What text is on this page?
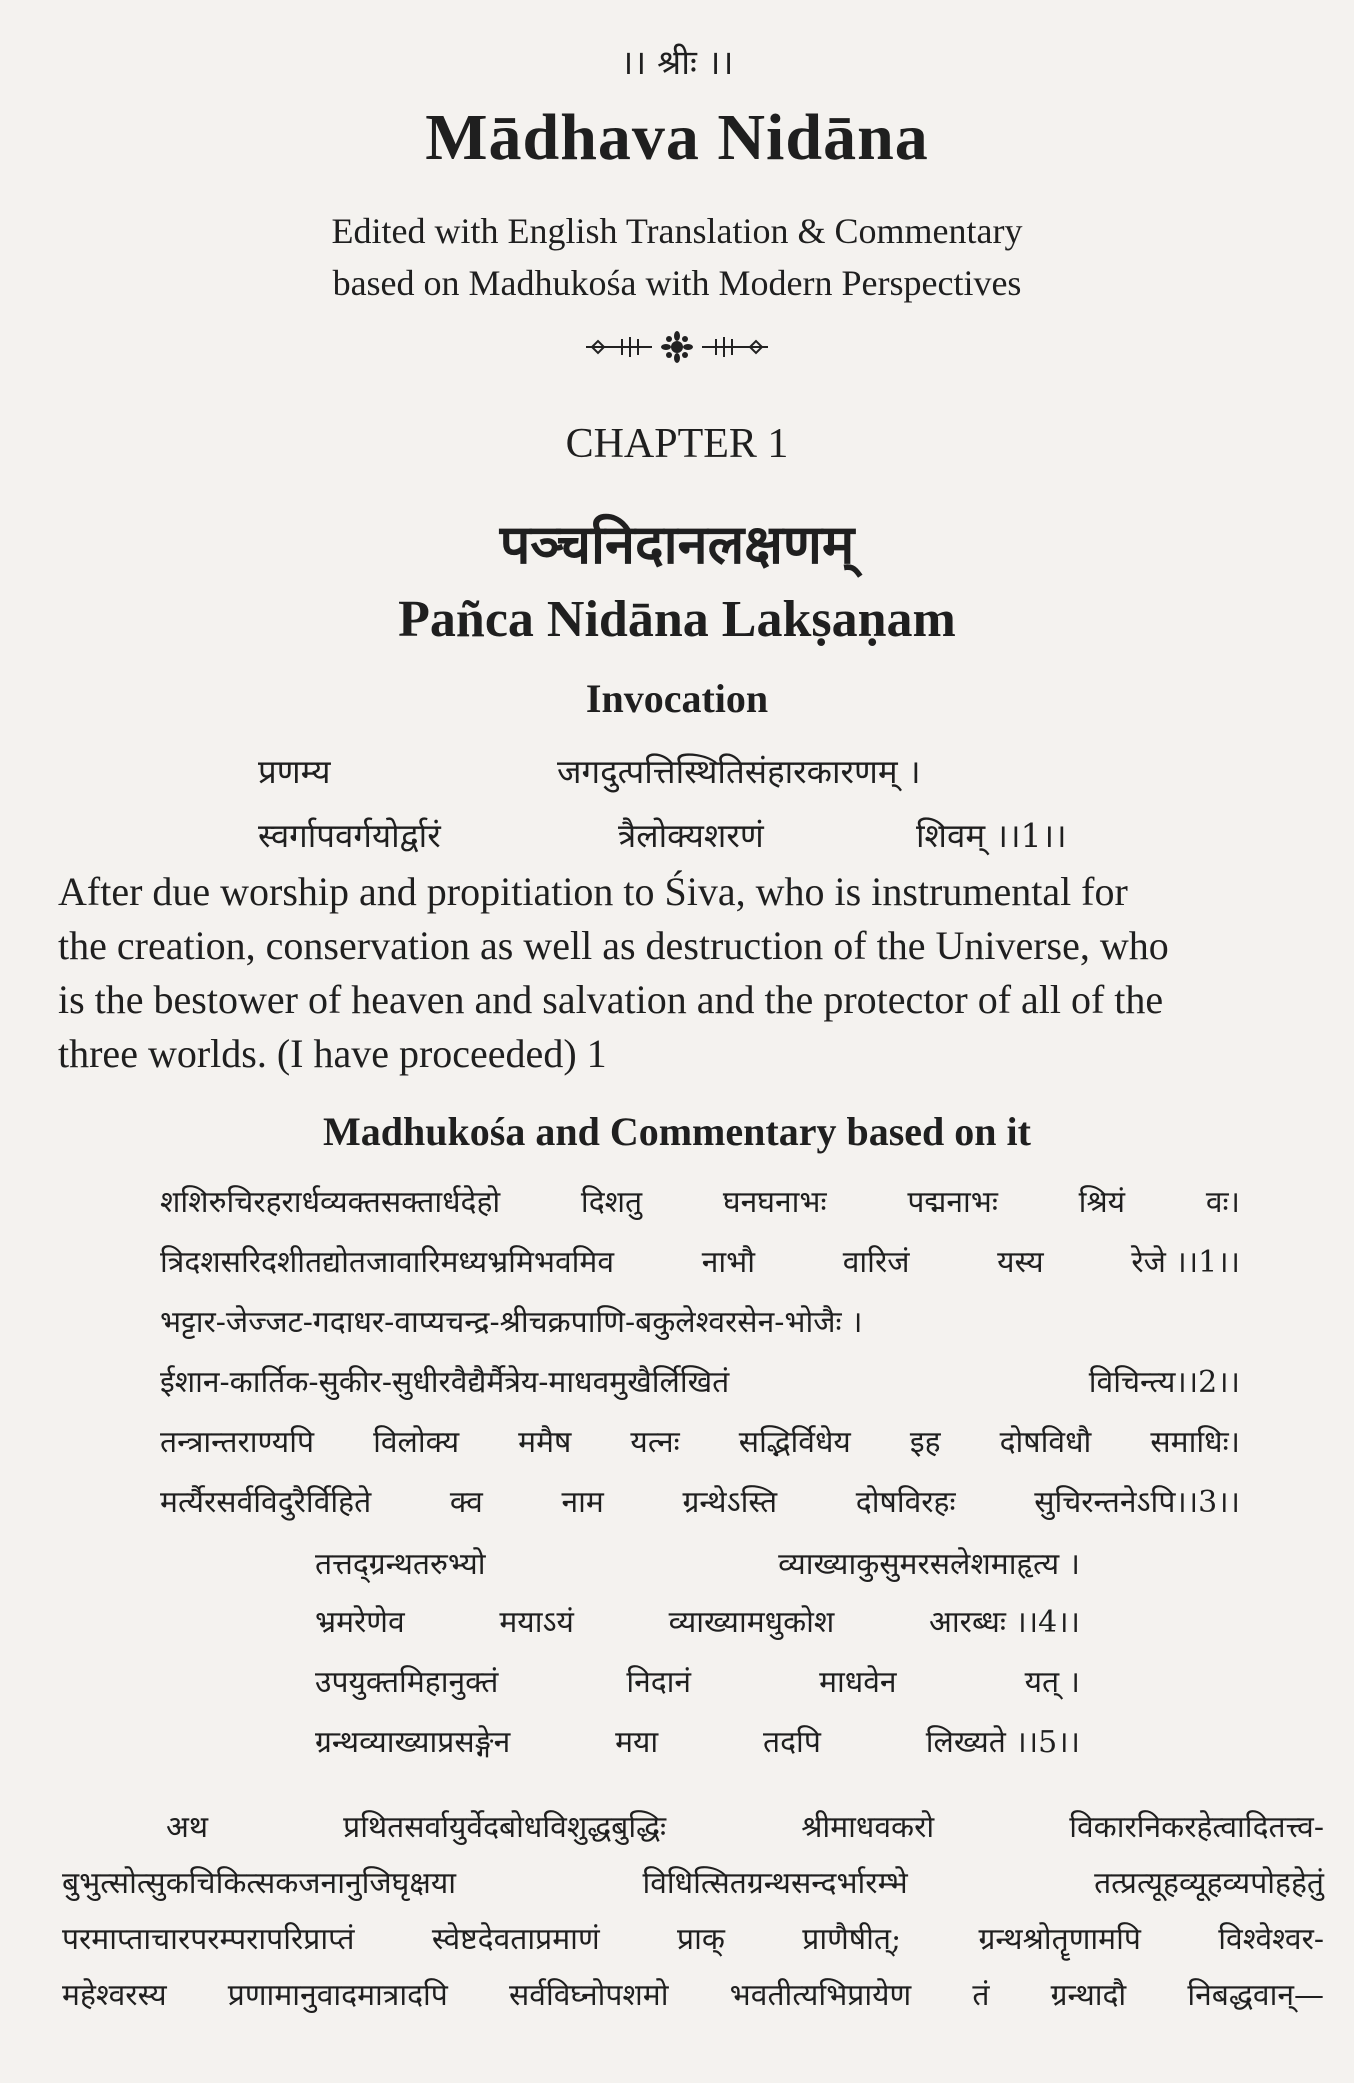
।। श्रीः ।।
Mādhava Nidāna
Edited with English Translation & Commentary
based on Madhukośa with Modern Perspectives
CHAPTER 1
पञ्चनिदानलक्षणम्
Pañca Nidāna Lakṣaṇam
Invocation
प्रणम्य	जगदुत्पत्तिस्थितिसंहारकारणम् ।
स्वर्गापवर्गयोर्द्वारं	त्रैलोक्यशरणं	शिवम् ।।1।।

After due worship and propitiation to Śiva, who is instrumental for

the creation, conservation as well as destruction of the Universe, who

is the bestower of heaven and salvation and the protector of all of the

three worlds. (I have proceeded) 1

Madhukośa and Commentary based on it
शशिरुचिरहरार्धव्यक्तसक्तार्धदेहो	दिशतु	घनघनाभः	पद्मनाभः	श्रियं	वः।
त्रिदशसरिदशीतद्योतजावारिमध्यभ्रमिभवमिव	नाभौ	वारिजं	यस्य	रेजे ।।1।।
भट्टार-जेज्जट-गदाधर-वाप्यचन्द्र-श्रीचक्रपाणि-बकुलेश्वरसेन-भोजैः ।
ईशान-कार्तिक-सुकीर-सुधीरवैद्यैर्मैत्रेय-माधवमुखैर्लिखितं	विचिन्त्य।।2।।
तन्त्रान्तराण्यपि विलोक्य ममैष यत्नः सद्भिर्विधेय इह दोषविधौ समाधिः।
मर्त्यैरसर्वविदुरैर्विहिते	क्व	नाम	ग्रन्थेऽस्ति	दोषविरहः	सुचिरन्तनेऽपि।।3।।
तत्तद्ग्रन्थतरुभ्यो	व्याख्याकुसुमरसलेशमाहृत्य ।
भ्रमरेणेव	मयाऽयं	व्याख्यामधुकोश	आरब्धः ।।4।।
उपयुक्तमिहानुक्तं	निदानं	माधवेन	यत् ।
ग्रन्थव्याख्याप्रसङ्गेन	मया	तदपि	लिख्यते ।।5।।
अथ प्रथितसर्वायुर्वेदबोधविशुद्धबुद्धिः श्रीमाधवकरो विकारनिकरहेत्वादितत्त्व-
बुभुत्सोत्सुकचिकित्सकजनानुजिघृक्षया विधित्सितग्रन्थसन्दर्भारम्भे तत्प्रत्यूहव्यूहव्यपोहहेतुं
परमाप्ताचारपरम्परापरिप्राप्तं स्वेष्टदेवताप्रमाणं प्राक् प्राणैषीत्; ग्रन्थश्रोतॄणामपि विश्वेश्वर-
महेश्वरस्य प्रणामानुवादमात्रादपि सर्वविघ्नोपशमो भवतीत्यभिप्रायेण तं ग्रन्थादौ निबद्धवान्—
